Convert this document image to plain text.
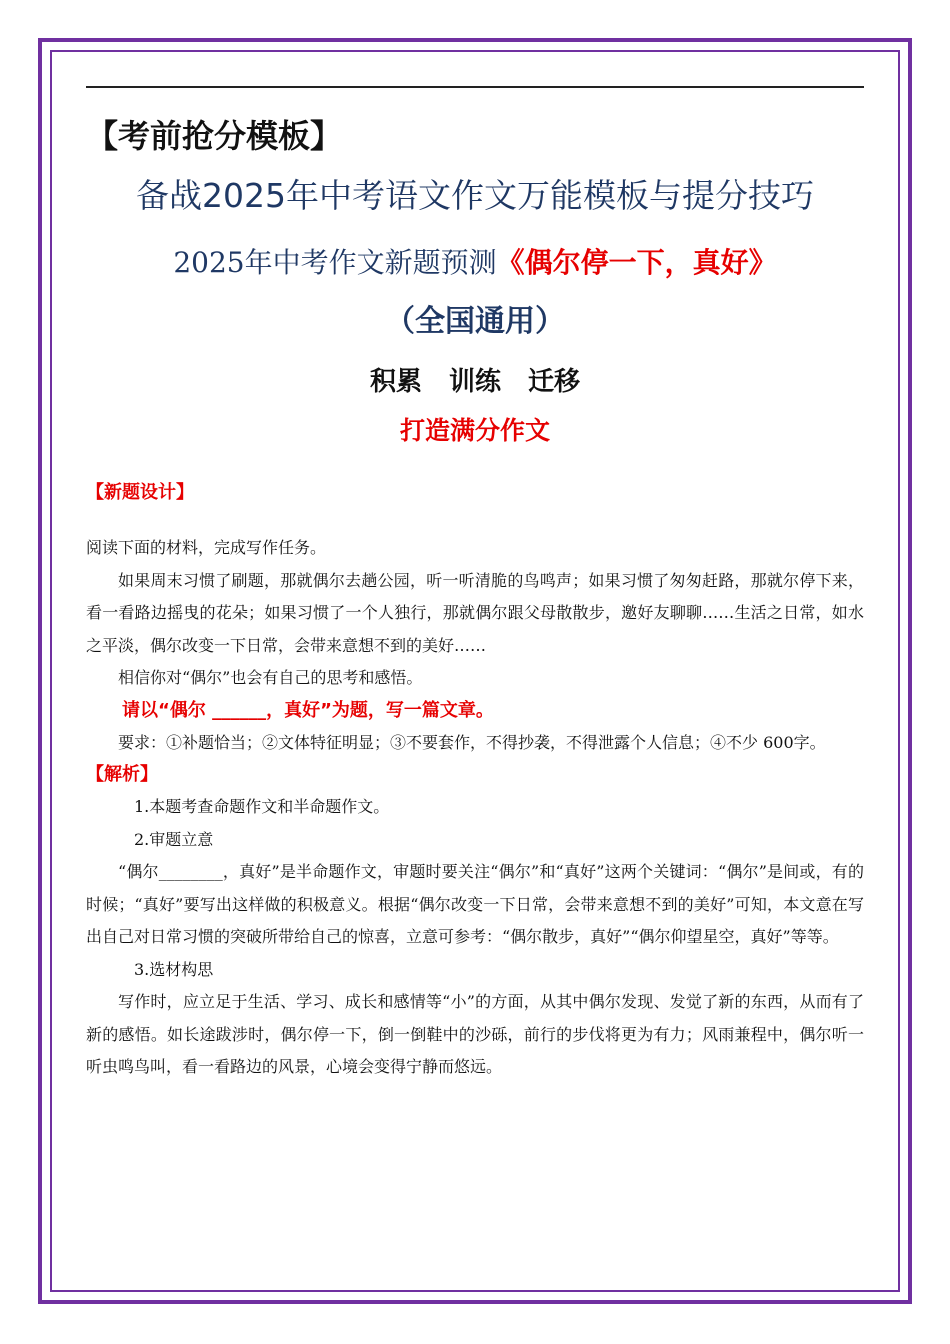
【考前抢分模板】
备战2025年中考语文作文万能模板与提分技巧
2025年中考作文新题预测《偶尔停一下，真好》
（全国通用）
积累 训练 迁移
打造满分作文
【新题设计】

阅读下面的材料，完成写作任务。

如果周末习惯了刷题，那就偶尔去趟公园，听一听清脆的鸟鸣声；如果习惯了匆匆赶路，那就尔停下来，看一看路边摇曳的花朵；如果习惯了一个人独行，那就偶尔跟父母散散步，邀好友聊聊……生活之日常，如水之平淡，偶尔改变一下日常，会带来意想不到的美好……

相信你对“偶尔”也会有自己的思考和感悟。

请以“偶尔 ______，真好”为题，写一篇文章。

要求：①补题恰当；②文体特征明显；③不要套作，不得抄袭，不得泄露个人信息；④不少 600字。

【解析】

1.本题考查命题作文和半命题作文。

2.审题立意

“偶尔________，真好”是半命题作文，审题时要关注“偶尔”和“真好”这两个关键词：“偶尔”是间或，有的时候；“真好”要写出这样做的积极意义。根据“偶尔改变一下日常，会带来意想不到的美好”可知，本文意在写出自己对日常习惯的突破所带给自己的惊喜，立意可参考：“偶尔散步，真好”“偶尔仰望星空，真好”等等。

3.选材构思

写作时，应立足于生活、学习、成长和感情等“小”的方面，从其中偶尔发现、发觉了新的东西，从而有了新的感悟。如长途跋涉时，偶尔停一下，倒一倒鞋中的沙砾，前行的步伐将更为有力；风雨兼程中，偶尔听一听虫鸣鸟叫，看一看路边的风景，心境会变得宁静而悠远。
